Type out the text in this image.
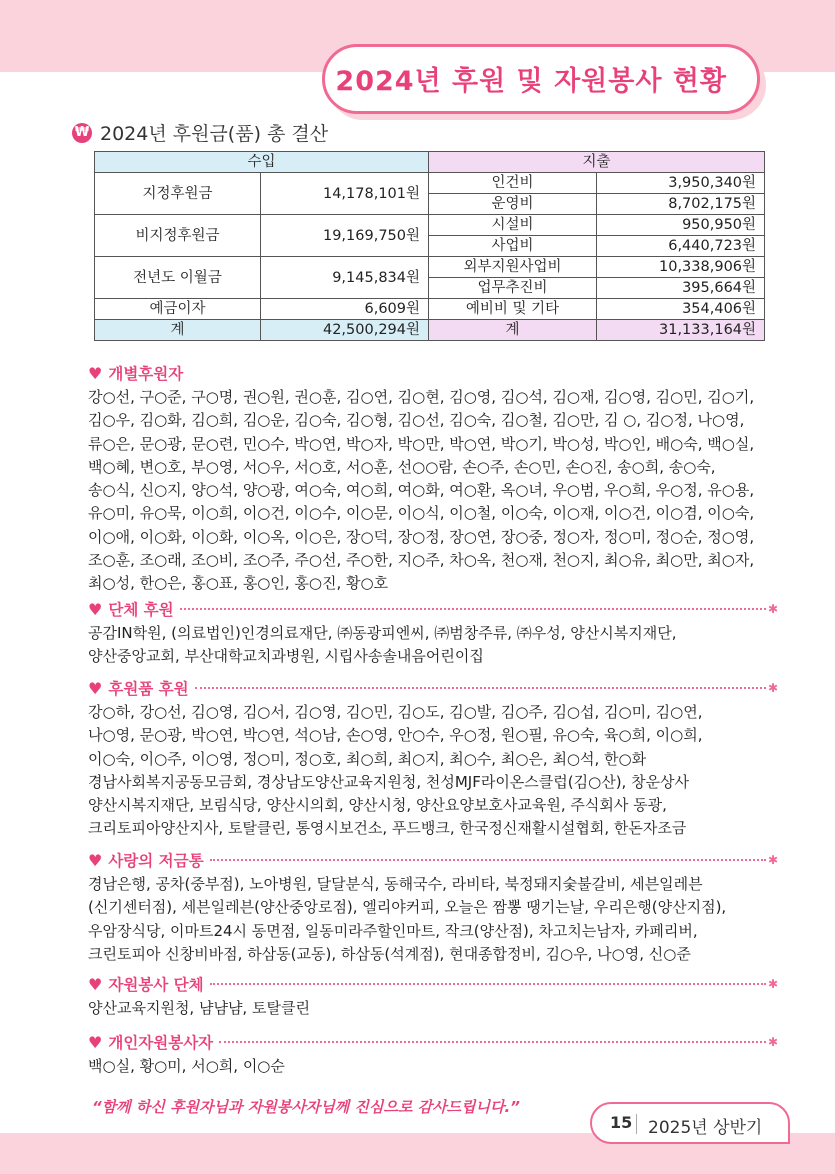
2024년 후원 및 자원봉사 현황
₩ 2024년 후원금(품) 총 결산
수입		지출	
지정후원금	14,178,101원	인건비	3,950,340원
		운영비	8,702,175원
비지정후원금	19,169,750원	시설비	950,950원
		사업비	6,440,723원
전년도 이월금	9,145,834원	외부지원사업비	10,338,906원
		업무추진비	395,664원
예금이자	6,609원	예비비 및 기타	354,406원
계	42,500,294원	계	31,133,164원
♥ 개별후원자
강○선, 구○준, 구○명, 권○원, 권○훈, 김○연, 김○현, 김○영, 김○석, 김○재, 김○영, 김○민, 김○기,
김○우, 김○화, 김○희, 김○운, 김○숙, 김○형, 김○선, 김○숙, 김○철, 김○만, 김 ○, 김○정, 나○영,
류○은, 문○광, 문○련, 민○수, 박○연, 박○자, 박○만, 박○연, 박○기, 박○성, 박○인, 배○숙, 백○실,
백○혜, 변○호, 부○영, 서○우, 서○호, 서○훈, 선○○람, 손○주, 손○민, 손○진, 송○희, 송○숙,
송○식, 신○지, 양○석, 양○광, 여○숙, 여○희, 여○화, 여○환, 옥○녀, 우○범, 우○희, 우○정, 유○용,
유○미, 유○묵, 이○희, 이○건, 이○수, 이○문, 이○식, 이○철, 이○숙, 이○재, 이○건, 이○겸, 이○숙,
이○애, 이○화, 이○화, 이○옥, 이○은, 장○덕, 장○정, 장○연, 장○중, 정○자, 정○미, 정○순, 정○영,
조○훈, 조○래, 조○비, 조○주, 주○선, 주○한, 지○주, 차○옥, 천○재, 천○지, 최○유, 최○만, 최○자,
최○성, 한○은, 홍○표, 홍○인, 홍○진, 황○호
♥ 단체 후원	✱
공감IN학원, (의료법인)인경의료재단, ㈜동광피엔씨, ㈜범창주류, ㈜우성, 양산시복지재단,
양산중앙교회, 부산대학교치과병원, 시립사송솔내음어린이집
♥ 후원품 후원	✱
강○하, 강○선, 김○영, 김○서, 김○영, 김○민, 김○도, 김○발, 김○주, 김○섭, 김○미, 김○연,
나○영, 문○광, 박○연, 박○연, 석○남, 손○영, 안○수, 우○정, 원○필, 유○숙, 육○희, 이○희,
이○숙, 이○주, 이○영, 정○미, 정○호, 최○희, 최○지, 최○수, 최○은, 최○석, 한○화
경남사회복지공동모금회, 경상남도양산교육지원청, 천성MJF라이온스클럽(김○산), 창운상사
양산시복지재단, 보림식당, 양산시의회, 양산시청, 양산요양보호사교육원, 주식회사 동광,
크리토피아양산지사, 토탈클린, 통영시보건소, 푸드뱅크, 한국정신재활시설협회, 한돈자조금
♥ 사랑의 저금통	✱
경남은행, 공차(중부점), 노아병원, 달달분식, 동해국수, 라비타, 북정돼지숯불갈비, 세븐일레븐
(신기센터점), 세븐일레븐(양산중앙로점), 엘리야커피, 오늘은 짬뽕 땡기는날, 우리은행(양산지점),
우암장식당, 이마트24시 동면점, 일동미라주할인마트, 작크(양산점), 차고치는남자, 카페리버,
크린토피아 신창비바점, 하삼동(교동), 하삼동(석계점), 현대종합정비, 김○우, 나○영, 신○준
♥ 자원봉사 단체	✱
양산교육지원청, 냠냠냠, 토탈클린
♥ 개인자원봉사자	✱
백○실, 황○미, 서○희, 이○순
“함께 하신 후원자님과 자원봉사자님께 진심으로 감사드립니다.”
15 2025년 상반기
